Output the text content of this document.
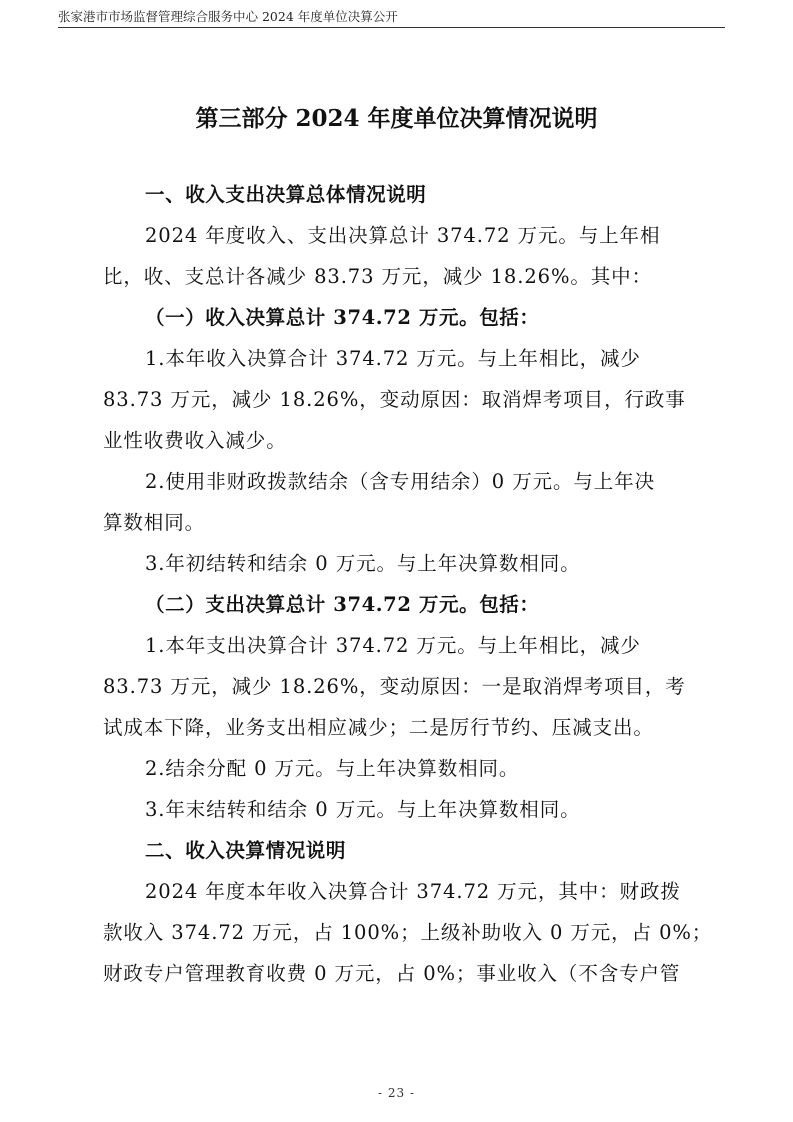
张家港市市场监督管理综合服务中心 2024 年度单位决算公开
第三部分 2024 年度单位决算情况说明
一、收入支出决算总体情况说明
2024 年度收入、支出决算总计 374.72 万元。与上年相
比，收、支总计各减少 83.73 万元，减少 18.26%。其中：
（一）收入决算总计 374.72 万元。包括：
1.本年收入决算合计 374.72 万元。与上年相比，减少
83.73 万元，减少 18.26%，变动原因：取消焊考项目，行政事
业性收费收入减少。
2.使用非财政拨款结余（含专用结余）0 万元。与上年决
算数相同。
3.年初结转和结余 0 万元。与上年决算数相同。
（二）支出决算总计 374.72 万元。包括：
1.本年支出决算合计 374.72 万元。与上年相比，减少
83.73 万元，减少 18.26%，变动原因：一是取消焊考项目，考
试成本下降，业务支出相应减少；二是厉行节约、压减支出。
2.结余分配 0 万元。与上年决算数相同。
3.年末结转和结余 0 万元。与上年决算数相同。
二、收入决算情况说明
2024 年度本年收入决算合计 374.72 万元，其中：财政拨
款收入 374.72 万元，占 100%；上级补助收入 0 万元，占 0%；
财政专户管理教育收费 0 万元，占 0%；事业收入（不含专户管
- 23 -
